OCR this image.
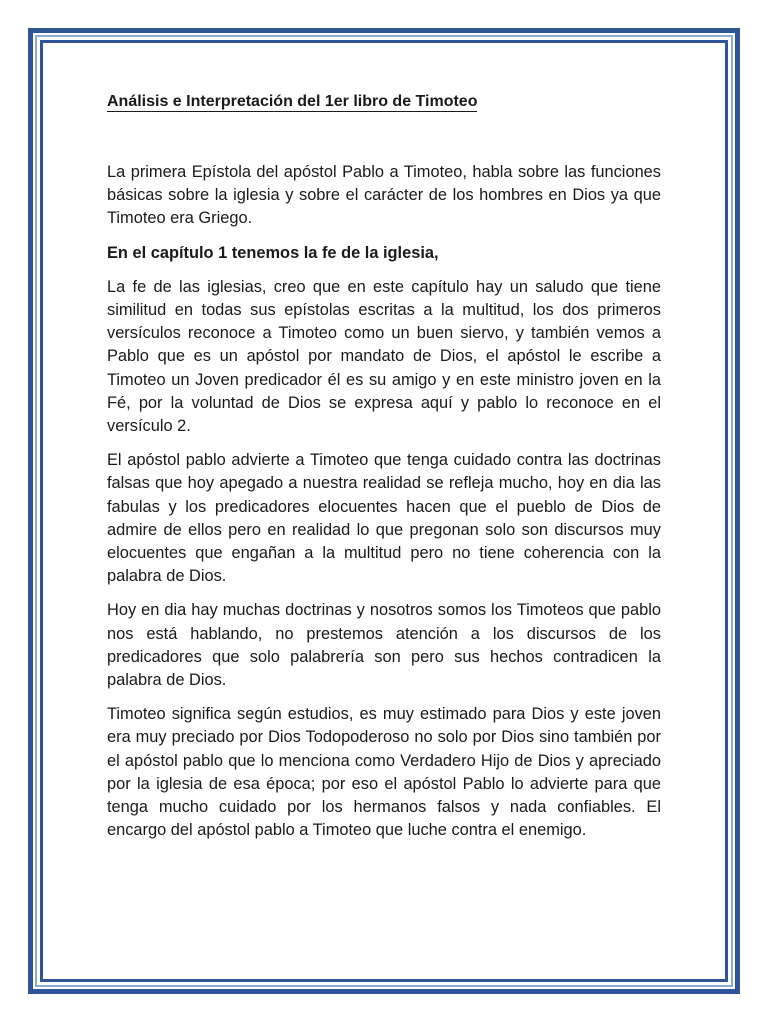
Análisis e Interpretación del 1er libro de Timoteo

La primera Epístola del apóstol Pablo a Timoteo, habla sobre las funciones básicas sobre la iglesia y sobre el carácter de los hombres en Dios ya que Timoteo era Griego.

En el capítulo 1 tenemos la fe de la iglesia,

La fe de las iglesias, creo que en este capítulo hay un saludo que tiene similitud en todas sus epístolas escritas a la multitud, los dos primeros versículos reconoce a Timoteo como un buen siervo, y también vemos a Pablo que es un apóstol por mandato de Dios, el apóstol le escribe a Timoteo un Joven predicador él es su amigo y en este ministro joven en la Fé, por la voluntad de Dios se expresa aquí y pablo lo reconoce en el versículo 2.

El apóstol pablo advierte a Timoteo que tenga cuidado contra las doctrinas falsas que hoy apegado a nuestra realidad se refleja mucho, hoy en dia las fabulas y los predicadores elocuentes hacen que el pueblo de Dios de admire de ellos pero en realidad lo que pregonan solo son discursos muy elocuentes que engañan a la multitud pero no tiene coherencia con la palabra de Dios.

Hoy en dia hay muchas doctrinas y nosotros somos los Timoteos que pablo nos está hablando, no prestemos atención a los discursos de los predicadores que solo palabrería son pero sus hechos contradicen la palabra de Dios.

Timoteo significa según estudios, es muy estimado para Dios y este joven era muy preciado por Dios Todopoderoso no solo por Dios sino también por el apóstol pablo que lo menciona como Verdadero Hijo de Dios y apreciado por la iglesia de esa época; por eso el apóstol Pablo lo advierte para que tenga mucho cuidado por los hermanos falsos y nada confiables. El encargo del apóstol pablo a Timoteo que luche contra el enemigo.
